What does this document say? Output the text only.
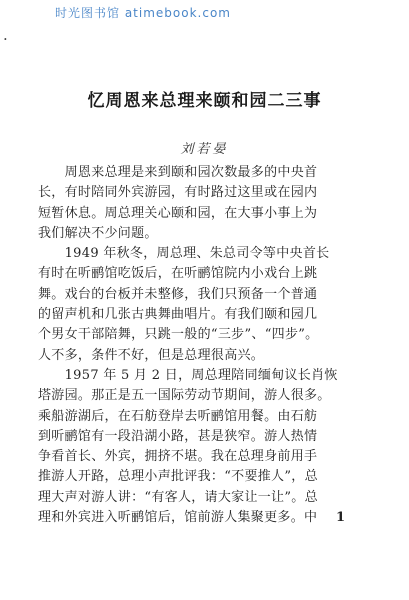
时光图书馆 atimebook.com
·
忆周恩来总理来颐和园二三事
刘若晏
　　周恩来总理是来到颐和园次数最多的中央首
长，有时陪同外宾游园，有时路过这里或在园内
短暂休息。周总理关心颐和园，在大事小事上为
我们解决不少问题。
　　1949 年秋冬，周总理、朱总司令等中央首长
有时在听鹂馆吃饭后，在听鹂馆院内小戏台上跳
舞。戏台的台板并未整修，我们只预备一个普通
的留声机和几张古典舞曲唱片。有我们颐和园几
个男女干部陪舞，只跳一般的“三步”、“四步”。
人不多，条件不好，但是总理很高兴。
　　1957 年 5 月 2 日，周总理陪同缅甸议长肖恢
塔游园。那正是五一国际劳动节期间，游人很多。
乘船游湖后，在石舫登岸去听鹂馆用餐。由石舫
到听鹂馆有一段沿湖小路，甚是狭窄。游人热情
争看首长、外宾，拥挤不堪。我在总理身前用手
推游人开路，总理小声批评我：“不要推人”，总
理大声对游人讲：“有客人，请大家让一让”。总
理和外宾进入听鹂馆后，馆前游人集聚更多。中	1
